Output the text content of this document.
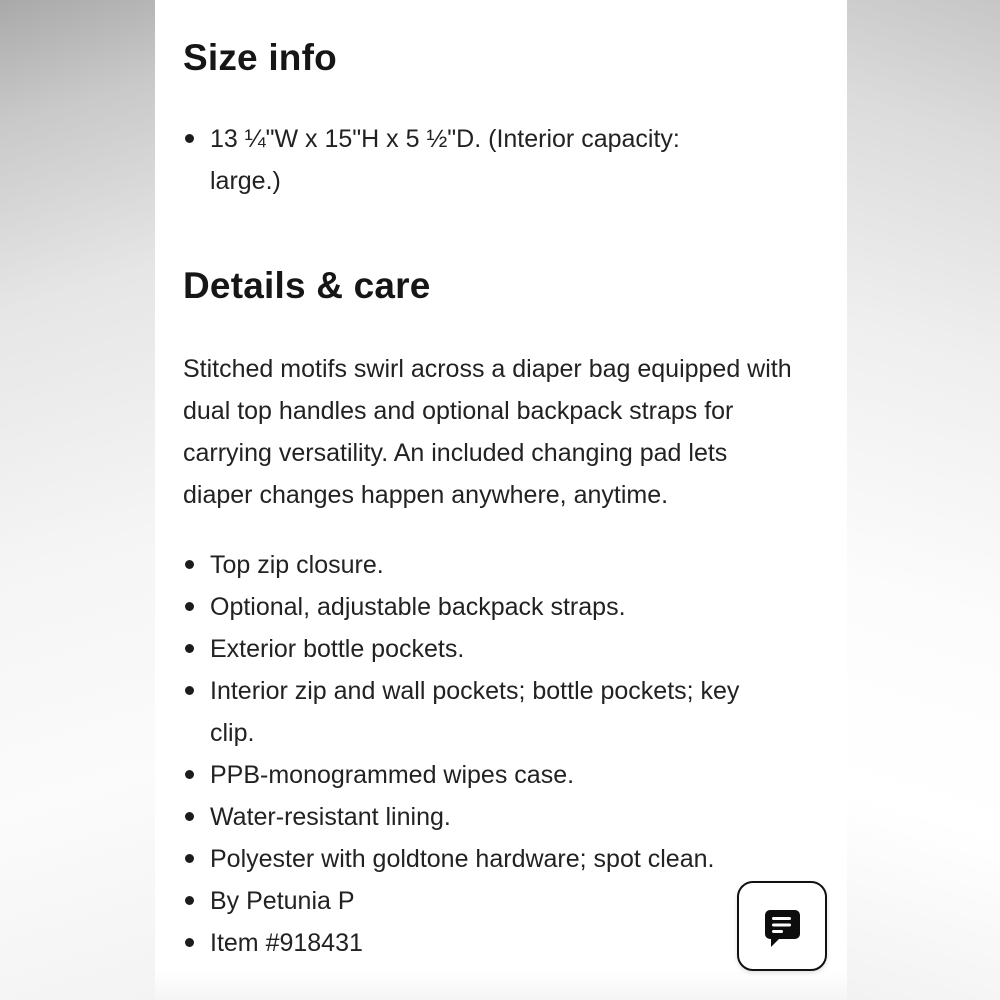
Size info
13 ¼"W x 15"H x 5 ½"D. (Interior capacity: large.)
Details & care

Stitched motifs swirl across a diaper bag equipped with dual top handles and optional backpack straps for carrying versatility. An included changing pad lets diaper changes happen anywhere, anytime.

Top zip closure.
Optional, adjustable backpack straps.
Exterior bottle pockets.
Interior zip and wall pockets; bottle pockets; key clip.
PPB-monogrammed wipes case.
Water-resistant lining.
Polyester with goldtone hardware; spot clean.
By Petunia P
Item #918431
